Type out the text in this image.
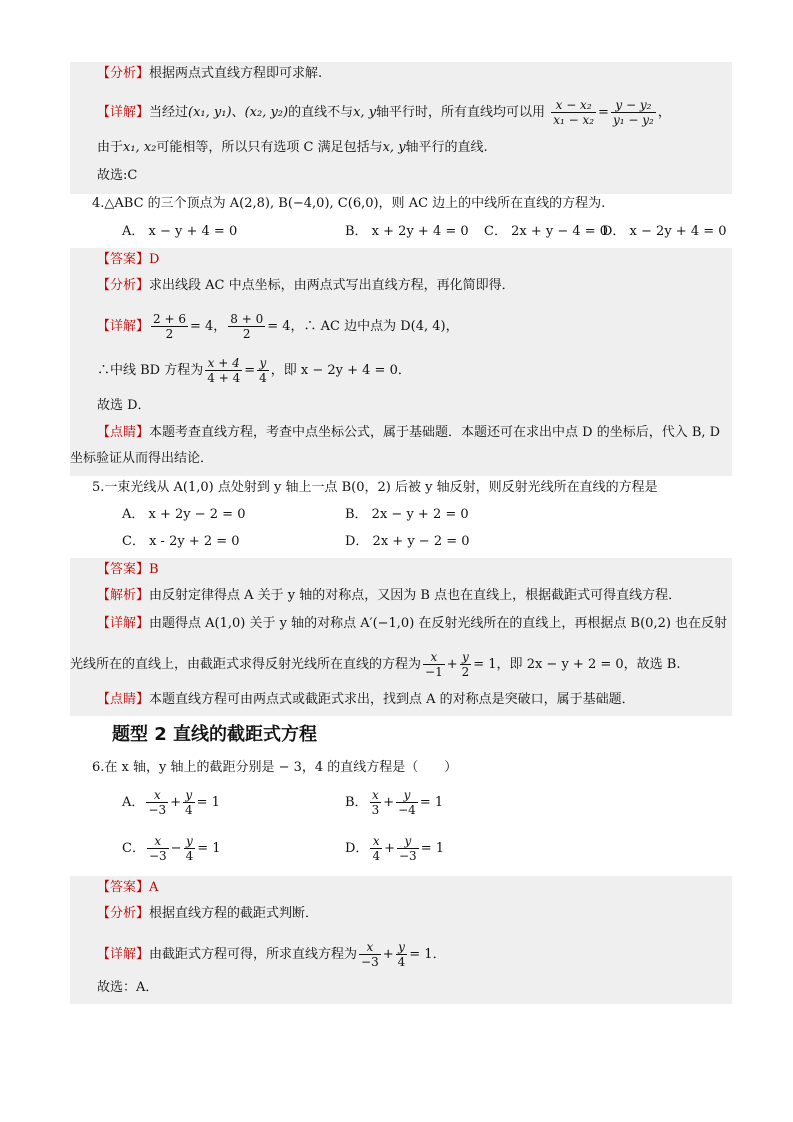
【分析】根据两点式直线方程即可求解.
【详解】当经过(x₁, y₁)、(x₂, y₂)的直线不与x, y轴平行时，所有直线均可以用 $\frac{\text{x − x₂}}{\text{x₁ − x₂}} = \frac{\text{y − y₂}}{\text{y₁ − y₂}}$ ，
由于x₁, x₂可能相等，所以只有选项 C 满足包括与x, y轴平行的直线.
故选:C
4.△ABC 的三个顶点为 A(2,8), B(−4,0), C(6,0)，则 AC 边上的中线所在直线的方程为.
A． x − y + 4 = 0	B． x + 2y + 4 = 0 C． 2x + y − 4 = 0
D． x − 2y + 4 = 0
【答案】D
【分析】求出线段 AC 中点坐标，由两点式写出直线方程，再化简即得．
【详解】 $\frac{2 + 6}{2} = 4$， $\frac{8 + 0}{2} = 4$，∴ AC 边中点为 D(4, 4)，
∴中线 BD 方程为 $\frac{x + 4}{4 + 4} = \frac{y}{4}$ ，即 x − 2y + 4 = 0．
故选 D．
【点睛】本题考查直线方程，考查中点坐标公式，属于基础题．本题还可在求出中点 D 的坐标后，代入 B, D
坐标验证从而得出结论．
5.一束光线从 A(1,0) 点处射到 y 轴上一点 B(0，2) 后被 y 轴反射，则反射光线所在直线的方程是
A． x + 2y − 2 = 0	B． 2x − y + 2 = 0
C． x - 2y + 2 = 0	D． 2x + y − 2 = 0
【答案】B
【解析】由反射定律得点 A 关于 y 轴的对称点，又因为 B 点也在直线上，根据截距式可得直线方程．
【详解】由题得点 A(1,0) 关于 y 轴的对称点 A′(−1,0) 在反射光线所在的直线上，再根据点 B(0,2) 也在反射
光线所在的直线上，由截距式求得反射光线所在直线的方程为 $\frac{x}{-1} + \frac{y}{2} = 1$，即 2x − y + 2 = 0，故选 B.
【点睛】本题直线方程可由两点式或截距式求出，找到点 A 的对称点是突破口，属于基础题．
题型 2 直线的截距式方程
6.在 x 轴，y 轴上的截距分别是 − 3，4 的直线方程是（　　）
A． $\frac{x}{-3} + \frac{y}{4} = 1$	B． $\frac{x}{3} + \frac{y}{-4} = 1$
C． $\frac{x}{-3} - \frac{y}{4} = 1$	D． $\frac{x}{4} + \frac{y}{-3} = 1$
【答案】A
【分析】根据直线方程的截距式判断．
【详解】由截距式方程可得，所求直线方程为 $\frac{x}{-3} + \frac{y}{4} = 1$．
故选：A．
